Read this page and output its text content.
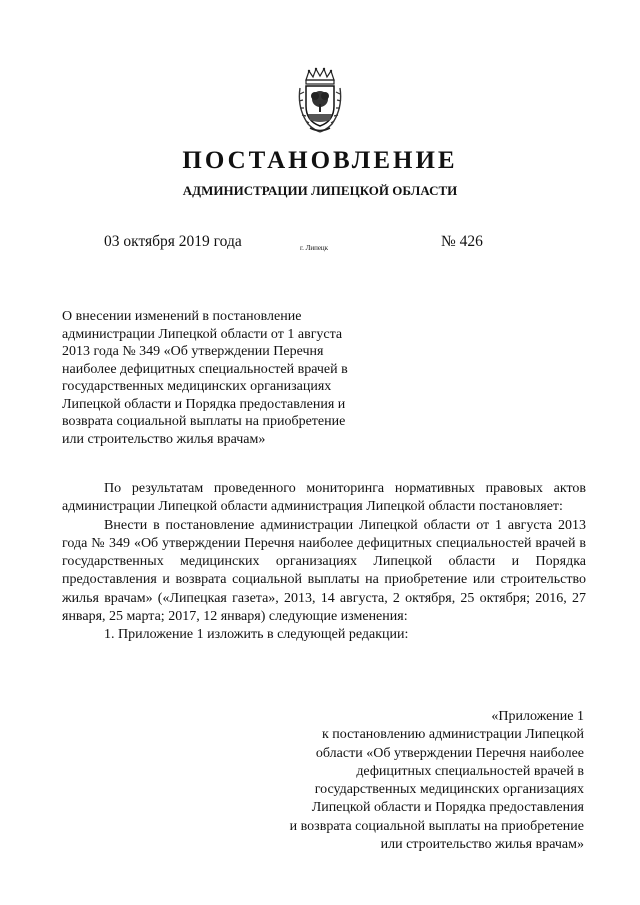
ПОСТАНОВЛЕНИЕ
АДМИНИСТРАЦИИ ЛИПЕЦКОЙ ОБЛАСТИ
03 октября 2019 года	г. Липецк	№ 426
О внесении изменений в постановление
администрации Липецкой области от 1 августа
2013 года № 349 «Об утверждении Перечня
наиболее дефицитных специальностей врачей в
государственных медицинских организациях
Липецкой области и Порядка предоставления и
возврата социальной выплаты на приобретение
или строительство жилья врачам»

По результатам проведенного мониторинга нормативных правовых актов администрации Липецкой области администрация Липецкой области постановляет:

Внести в постановление администрации Липецкой области от 1 августа 2013 года № 349 «Об утверждении Перечня наиболее дефицитных специальностей врачей в государственных медицинских организациях Липецкой области и Порядка предоставления и возврата социальной выплаты на приобретение или строительство жилья врачам» («Липецкая газета», 2013, 14 августа, 2 октября, 25 октября; 2016, 27 января, 25 марта; 2017, 12 января) следующие изменения:

1. Приложение 1 изложить в следующей редакции:

«Приложение 1
к постановлению администрации Липецкой
области «Об утверждении Перечня наиболее
дефицитных специальностей врачей в
государственных медицинских организациях
Липецкой области и Порядка предоставления
и возврата социальной выплаты на приобретение
или строительство жилья врачам»
